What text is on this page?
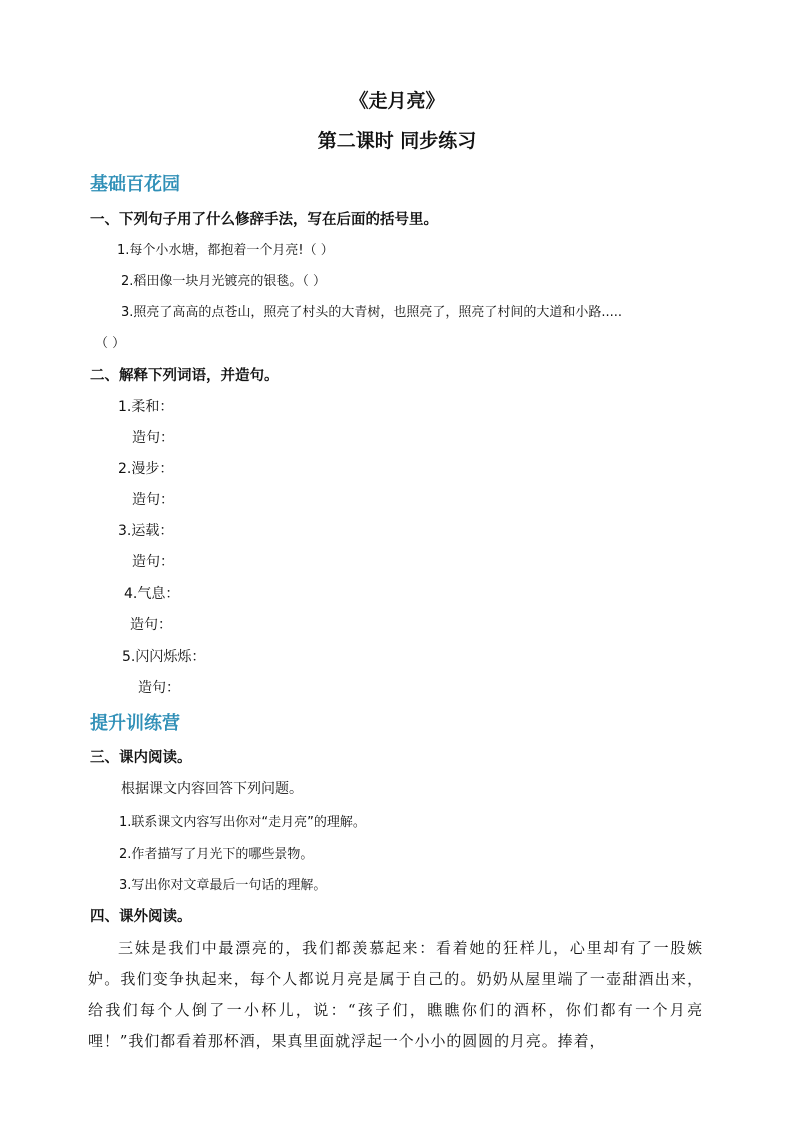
《走月亮》
第二课时 同步练习
基础百花园
一、下列句子用了什么修辞手法，写在后面的括号里。
1.每个小水塘，都抱着一个月亮!（ ）
2.稻田像一块月光镀亮的银毯。（ ）
3.照亮了高高的点苍山，照亮了村头的大青树，也照亮了，照亮了村间的大道和小路.....
（ ）
二、解释下列词语，并造句。
1.柔和：
造句：
2.漫步：
造句：
3.运载：
造句：
4.气息：
造句：
5.闪闪烁烁：
造句：
提升训练营
三、课内阅读。
根据课文内容回答下列问题。
1.联系课文内容写出你对“走月亮”的理解。
2.作者描写了月光下的哪些景物。
3.写出你对文章最后一句话的理解。
四、课外阅读。
三妹是我们中最漂亮的，我们都羡慕起来：看着她的狂样儿，心里却有了一股嫉妒。我们变争执起来，每个人都说月亮是属于自己的。奶奶从屋里端了一壶甜酒出来，给我们每个人倒了一小杯儿，说：“孩子们，瞧瞧你们的酒杯，你们都有一个月亮哩！”我们都看着那杯酒，果真里面就浮起一个小小的圆圆的月亮。捧着，
